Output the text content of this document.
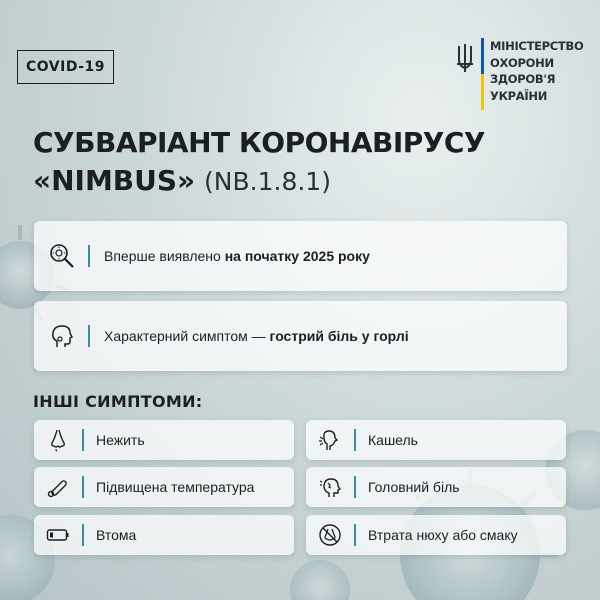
COVID-19
МІНІСТЕРСТВО
ОХОРОНИ
ЗДОРОВ'Я
УКРАЇНИ
СУБВАРІАНТ КОРОНАВІРУСУ
«NIMBUS» (NB.1.8.1)
Вперше виявлено на початку 2025 року
Характерний симптом — гострий біль у горлі
ІНШІ СИМПТОМИ:
Нежить	Кашель
Підвищена температура	Головний біль
Втома	Втрата нюху або смаку
